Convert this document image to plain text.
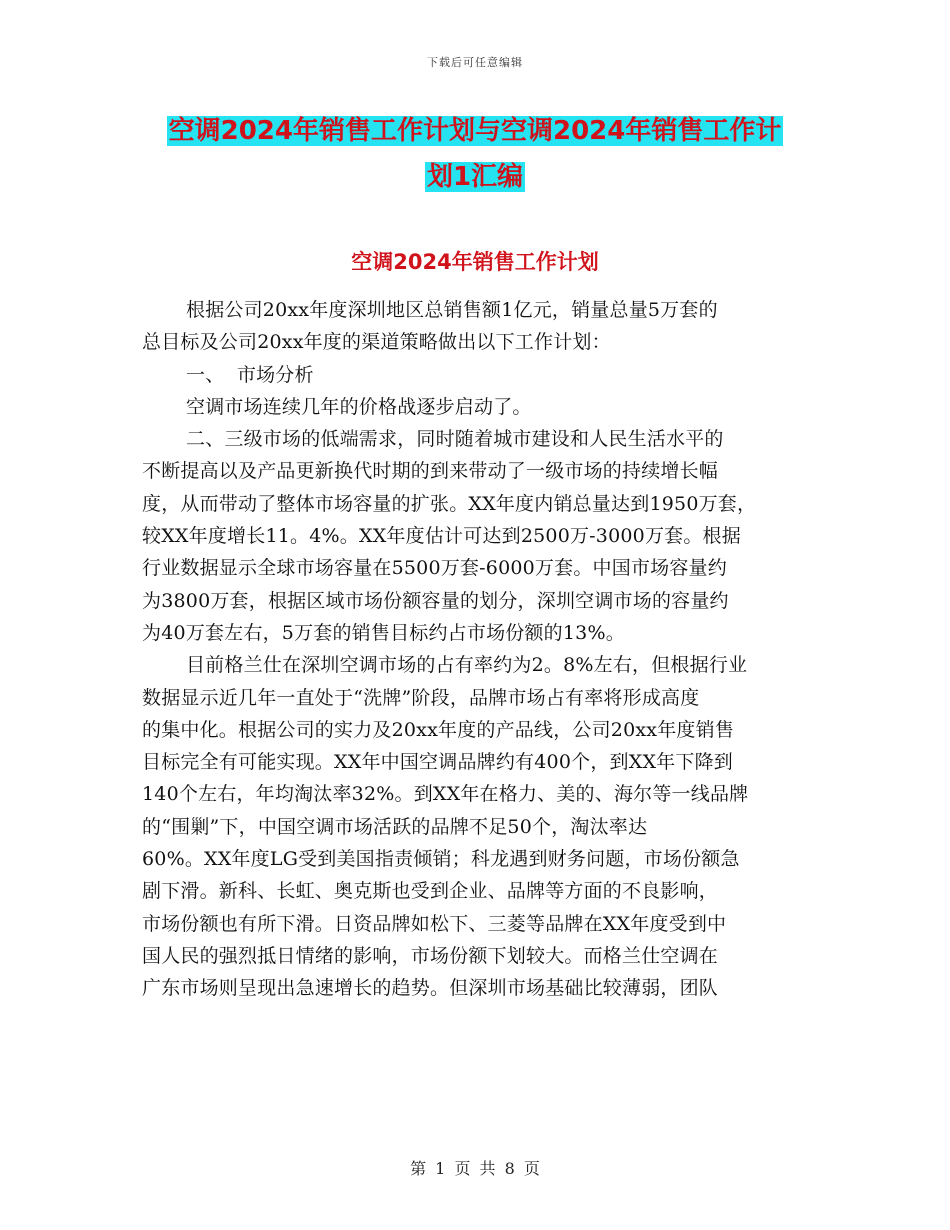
下载后可任意编辑
空调2024年销售工作计划与空调2024年销售工作计
划1汇编
空调2024年销售工作计划
根据公司20xx年度深圳地区总销售额1亿元，销量总量5万套的
总目标及公司20xx年度的渠道策略做出以下工作计划：
一、  市场分析
空调市场连续几年的价格战逐步启动了。
二、三级市场的低端需求，同时随着城市建设和人民生活水平的
不断提高以及产品更新换代时期的到来带动了一级市场的持续增长幅
度，从而带动了整体市场容量的扩张。XX年度内销总量达到1950万套，
较XX年度增长11。4%。XX年度估计可达到2500万-3000万套。根据
行业数据显示全球市场容量在5500万套-6000万套。中国市场容量约
为3800万套，根据区域市场份额容量的划分，深圳空调市场的容量约
为40万套左右，5万套的销售目标约占市场份额的13%。
目前格兰仕在深圳空调市场的占有率约为2。8%左右，但根据行业
数据显示近几年一直处于“洗牌”阶段，品牌市场占有率将形成高度
的集中化。根据公司的实力及20xx年度的产品线，公司20xx年度销售
目标完全有可能实现。XX年中国空调品牌约有400个，到XX年下降到
140个左右，年均淘汰率32%。到XX年在格力、美的、海尔等一线品牌
的“围剿”下，中国空调市场活跃的品牌不足50个，淘汰率达
60%。XX年度LG受到美国指责倾销；科龙遇到财务问题，市场份额急
剧下滑。新科、长虹、奥克斯也受到企业、品牌等方面的不良影响，
市场份额也有所下滑。日资品牌如松下、三菱等品牌在XX年度受到中
国人民的强烈抵日情绪的影响，市场份额下划较大。而格兰仕空调在
广东市场则呈现出急速增长的趋势。但深圳市场基础比较薄弱，团队
第 1 页 共 8 页
